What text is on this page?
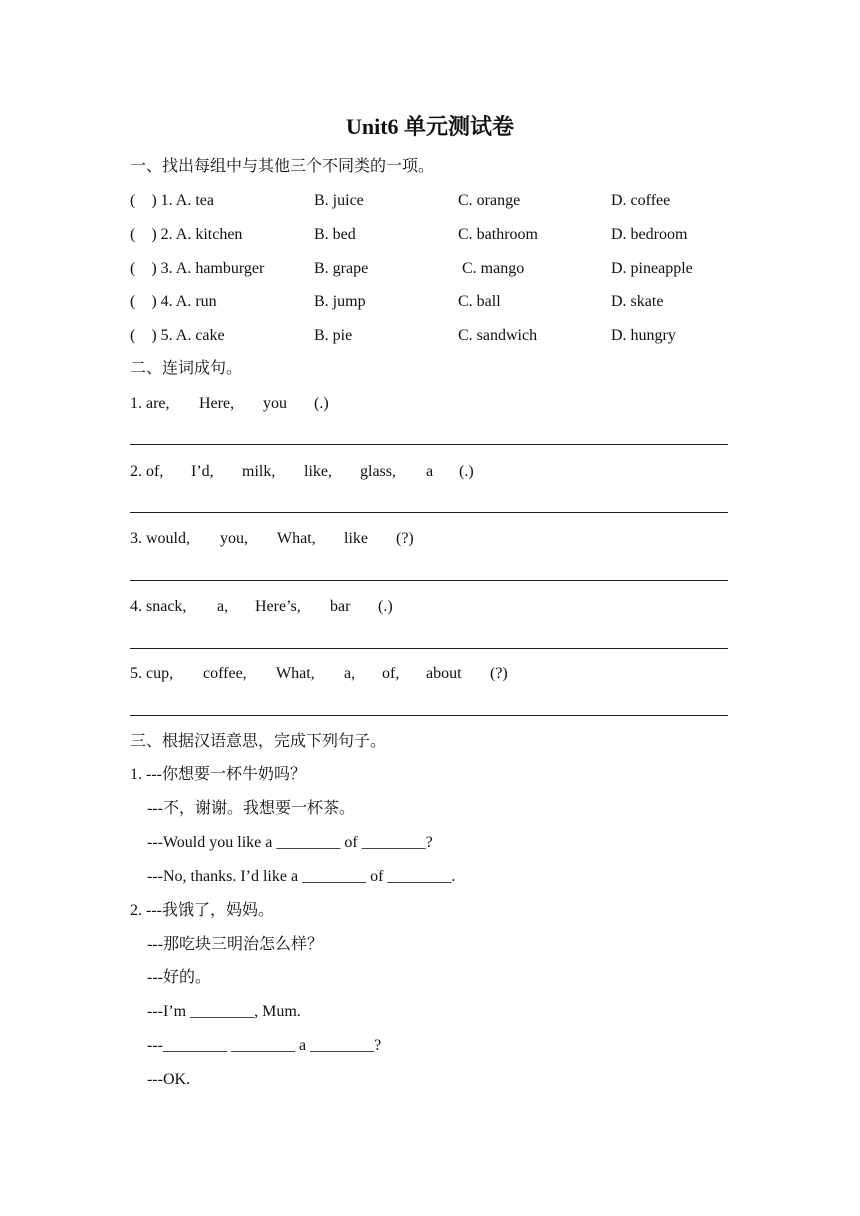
Unit6 单元测试卷
一、找出每组中与其他三个不同类的一项。
(    ) 1. A. tea	B. juice	C. orange	D. coffee
(    ) 2. A. kitchen	B. bed	C. bathroom	D. bedroom
(    ) 3. A. hamburger	B. grape	C. mango	D. pineapple
(    ) 4. A. run	B. jump	C. ball	D. skate
(    ) 5. A. cake	B. pie	C. sandwich	D. hungry
二、连词成句。
1. are, Here, you (.)
2. of, I’d, milk, like, glass, a (.)
3. would, you, What, like (?)
4. snack, a, Here’s, bar (.)
5. cup, coffee, What, a, of, about (?)
三、根据汉语意思，完成下列句子。
1. ---你想要一杯牛奶吗？
---不，谢谢。我想要一杯茶。
---Would you like a ________ of ________?
---No, thanks. I’d like a ________ of ________.
2. ---我饿了，妈妈。
---那吃块三明治怎么样？
---好的。
---I’m ________, Mum.
---________ ________ a ________?
---OK.
